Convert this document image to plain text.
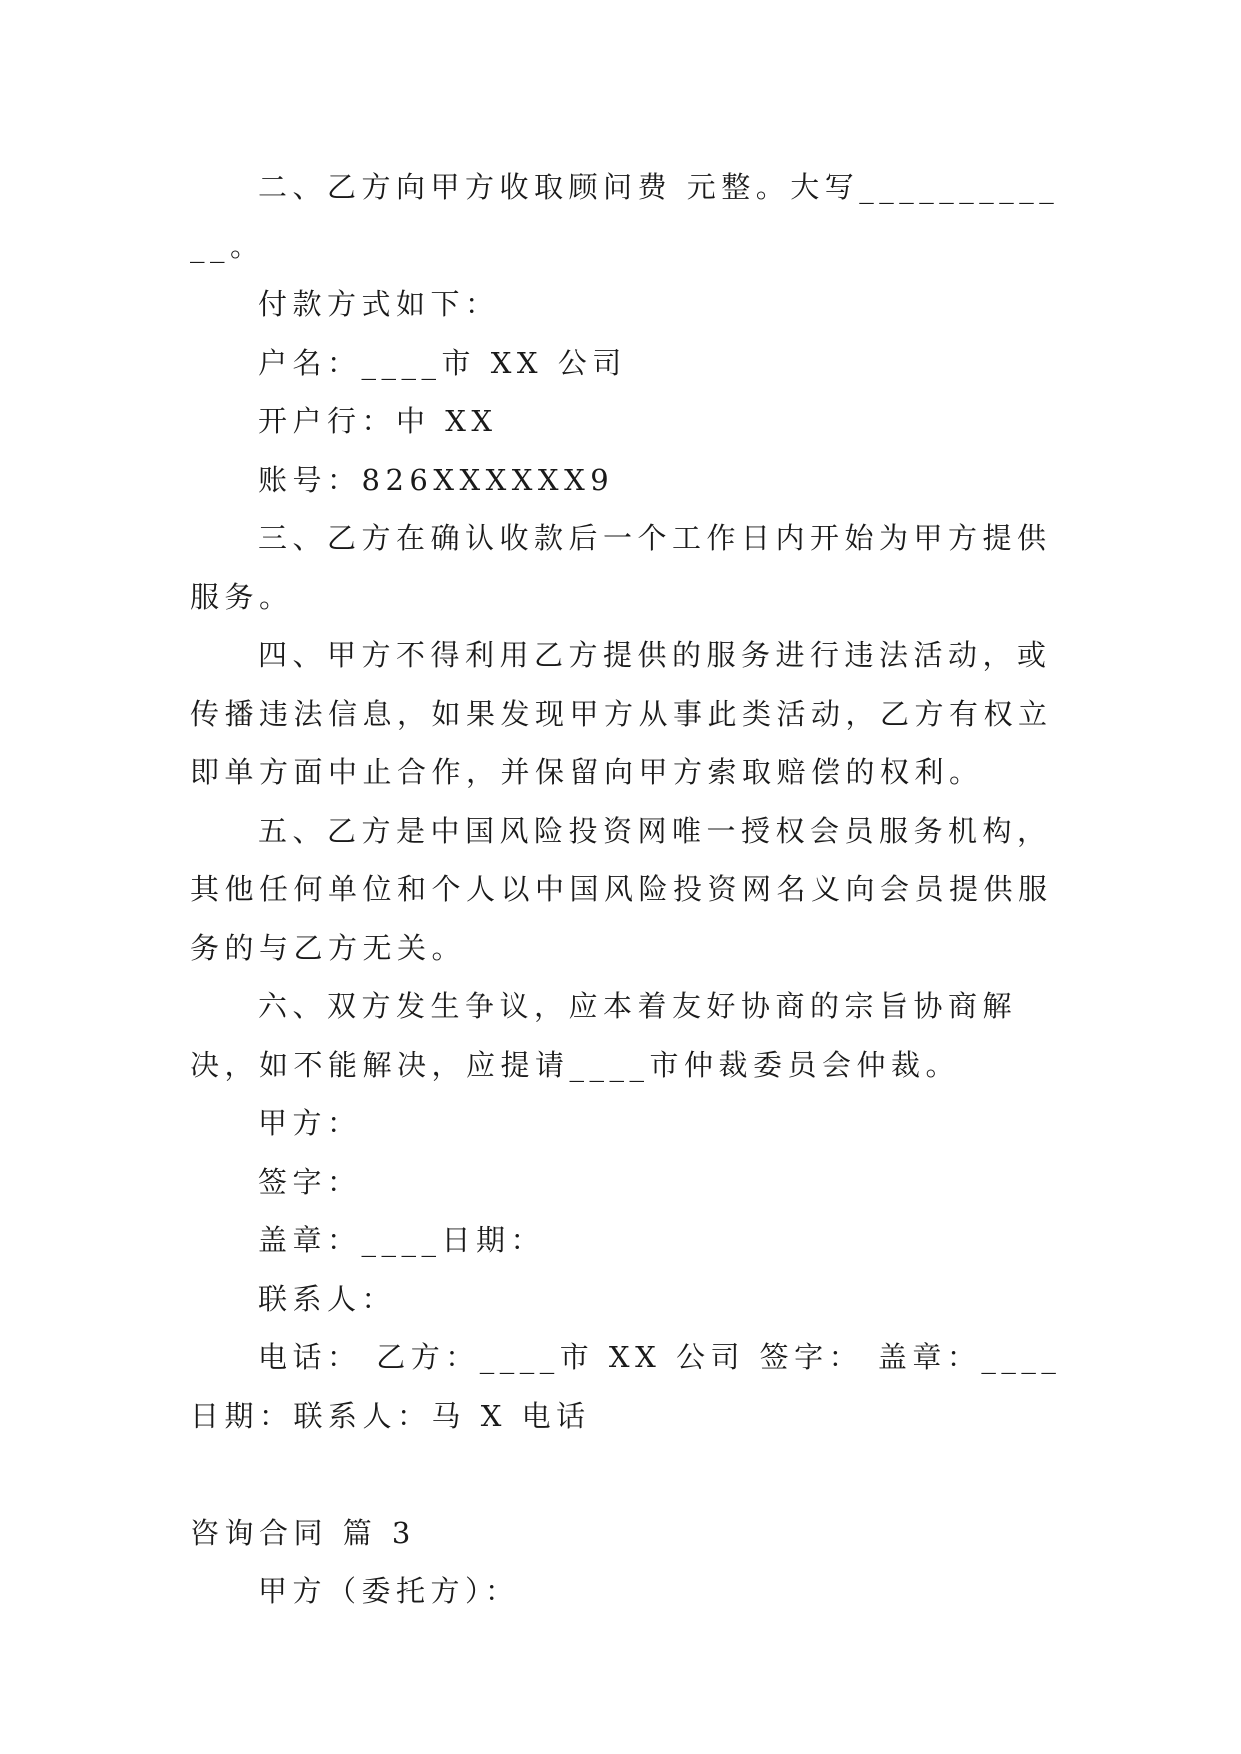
二、乙方向甲方收取顾问费 元整。大写____________。

付款方式如下：

户名：____市 XX 公司

开户行：中 XX

账号：826XXXXXX9

三、乙方在确认收款后一个工作日内开始为甲方提供服务。

四、甲方不得利用乙方提供的服务进行违法活动，或传播违法信息，如果发现甲方从事此类活动，乙方有权立即单方面中止合作，并保留向甲方索取赔偿的权利。

五、乙方是中国风险投资网唯一授权会员服务机构，其他任何单位和个人以中国风险投资网名义向会员提供服务的与乙方无关。

六、双方发生争议，应本着友好协商的宗旨协商解决，如不能解决，应提请____市仲裁委员会仲裁。

甲方：

签字：

盖章：____日期：

联系人：

电话： 乙方：____市 XX 公司 签字： 盖章：____日期：联系人：马 X 电话

咨询合同 篇 3

甲方（委托方）：
